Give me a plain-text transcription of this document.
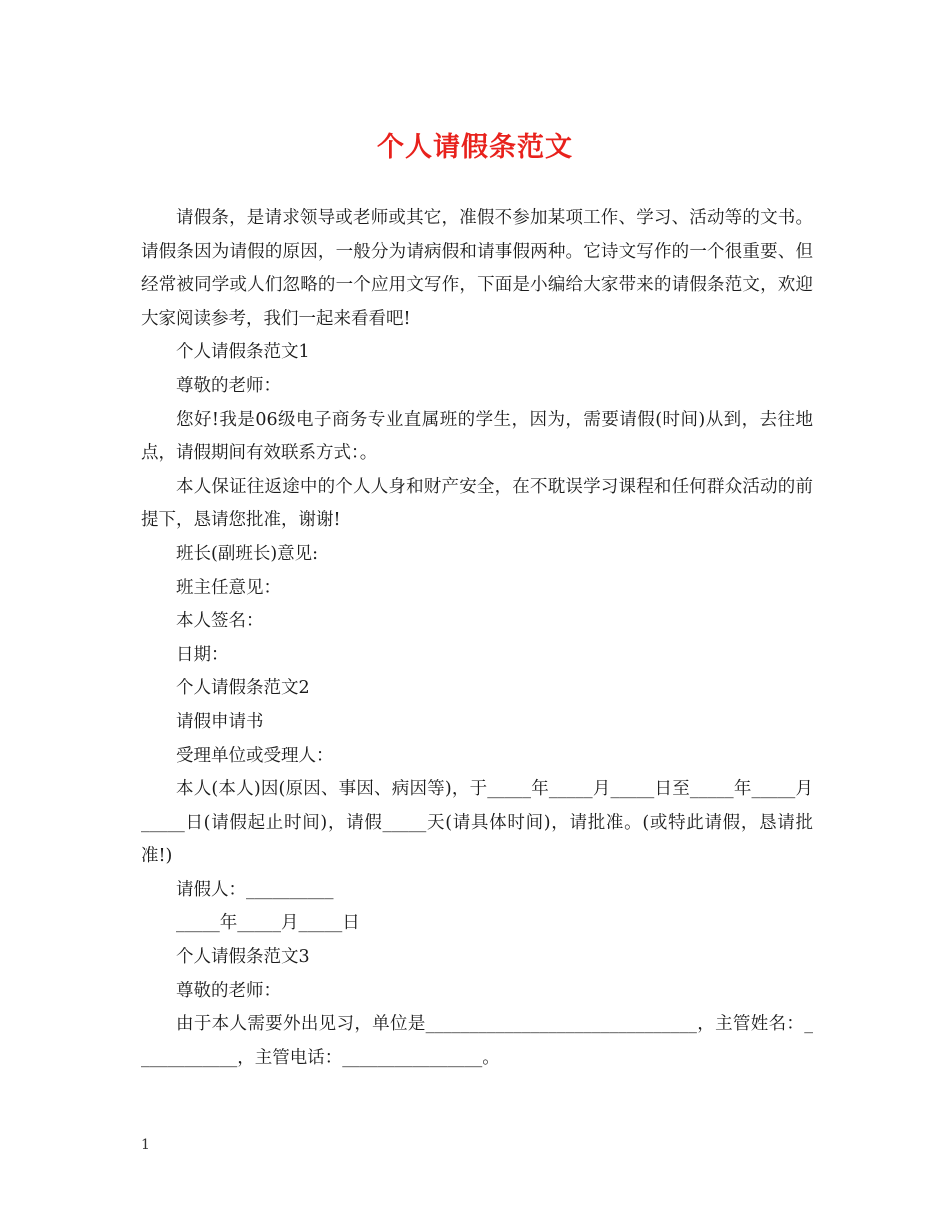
个人请假条范文

请假条，是请求领导或老师或其它，准假不参加某项工作、学习、活动等的文书。请假条因为请假的原因，一般分为请病假和请事假两种。它诗文写作的一个很重要、但经常被同学或人们忽略的一个应用文写作，下面是小编给大家带来的请假条范文，欢迎大家阅读参考，我们一起来看看吧!

个人请假条范文1

尊敬的老师：

您好!我是06级电子商务专业直属班的学生，因为，需要请假(时间)从到，去往地点，请假期间有效联系方式：。

本人保证往返途中的个人人身和财产安全，在不耽误学习课程和任何群众活动的前提下，恳请您批准，谢谢!

班长(副班长)意见:

班主任意见：

本人签名：

日期：

个人请假条范文2

请假申请书

受理单位或受理人：

本人(本人)因(原因、事因、病因等)，于_____年_____月_____日至_____年_____月_____日(请假起止时间)，请假_____天(请具体时间)，请批准。(或特此请假，恳请批准!)

请假人：__________

_____年_____月_____日

个人请假条范文3

尊敬的老师：

由于本人需要外出见习，单位是_______________________________，主管姓名：____________，主管电话：________________。

1
